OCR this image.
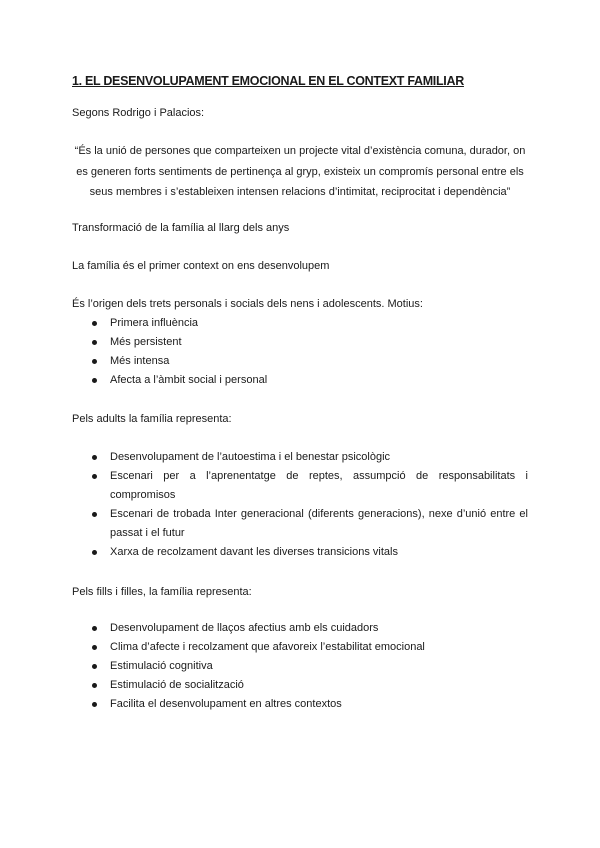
1. EL DESENVOLUPAMENT EMOCIONAL EN EL CONTEXT FAMILIAR
Segons Rodrigo i Palacios:
“És la unió de persones que comparteixen un projecte vital d’existència comuna, durador, on es generen forts sentiments de pertinença al gryp, existeix un compromís personal entre els seus membres i s’estableixen intensen relacions d’intimitat, reciprocitat i dependència”
Transformació de la família al llarg dels anys
La família és el primer context on ens desenvolupem
És l’origen dels trets personals i socials dels nens i adolescents. Motius:
Primera influència
Més persistent
Més intensa
Afecta a l’àmbit social i personal
Pels adults la família representa:
Desenvolupament de l’autoestima i el benestar psicològic
Escenari per a l’aprenentatge de reptes, assumpció de responsabilitats i compromisos
Escenari de trobada Inter generacional (diferents generacions), nexe d’unió entre el passat i el futur
Xarxa de recolzament davant les diverses transicions vitals
Pels fills i filles, la família representa:
Desenvolupament de llaços afectius amb els cuidadors
Clima d’afecte i recolzament que afavoreix l’estabilitat emocional
Estimulació cognitiva
Estimulació de socialització
Facilita el desenvolupament en altres contextos
